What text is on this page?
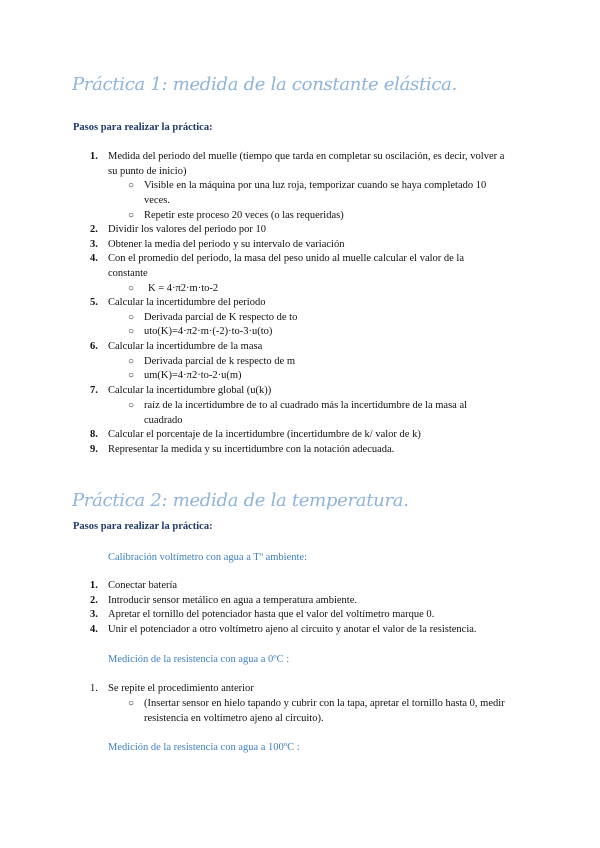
Práctica 1: medida de la constante elástica.
Pasos para realizar la práctica:
1. Medida del periodo del muelle (tiempo que tarda en completar su oscilación, es decir, volver a
su punto de inicio)
○ Visible en la máquina por una luz roja, temporizar cuando se haya completado 10
veces.
○ Repetir este proceso 20 veces (o las requeridas)
2. Dividir los valores del periodo por 10
3. Obtener la media del periodo y su intervalo de variación
4. Con el promedio del periodo, la masa del peso unido al muelle calcular el valor de la
constante
○ K = 4·π2·m·to-2
5. Calcular la incertidumbre del periodo
○ Derivada parcial de K respecto de to
○ uto(K)=4·π2·m·(-2)·to-3·u(to)
6. Calcular la incertidumbre de la masa
○ Derivada parcial de k respecto de m
○ um(K)=4·π2·to-2·u(m)
7. Calcular la incertidumbre global (u(k))
○ raíz de la incertidumbre de to al cuadrado más la incertidumbre de la masa al
cuadrado
8. Calcular el porcentaje de la incertidumbre (incertidumbre de k/ valor de k)
9. Representar la medida y su incertidumbre con la notación adecuada.
Práctica 2: medida de la temperatura.
Pasos para realizar la práctica:
Calibración voltímetro con agua a Tº ambiente:
1. Conectar batería
2. Introducir sensor metálico en agua a temperatura ambiente.
3. Apretar el tornillo del potenciador hasta que el valor del voltímetro marque 0.
4. Unir el potenciador a otro voltímetro ajeno al circuito y anotar el valor de la resistencia.
Medición de la resistencia con agua a 0ºC :
1. Se repite el procedimiento anterior
○ (Insertar sensor en hielo tapando y cubrir con la tapa, apretar el tornillo hasta 0, medir
resistencia en voltímetro ajeno al circuito).
Medición de la resistencia con agua a 100ºC :
